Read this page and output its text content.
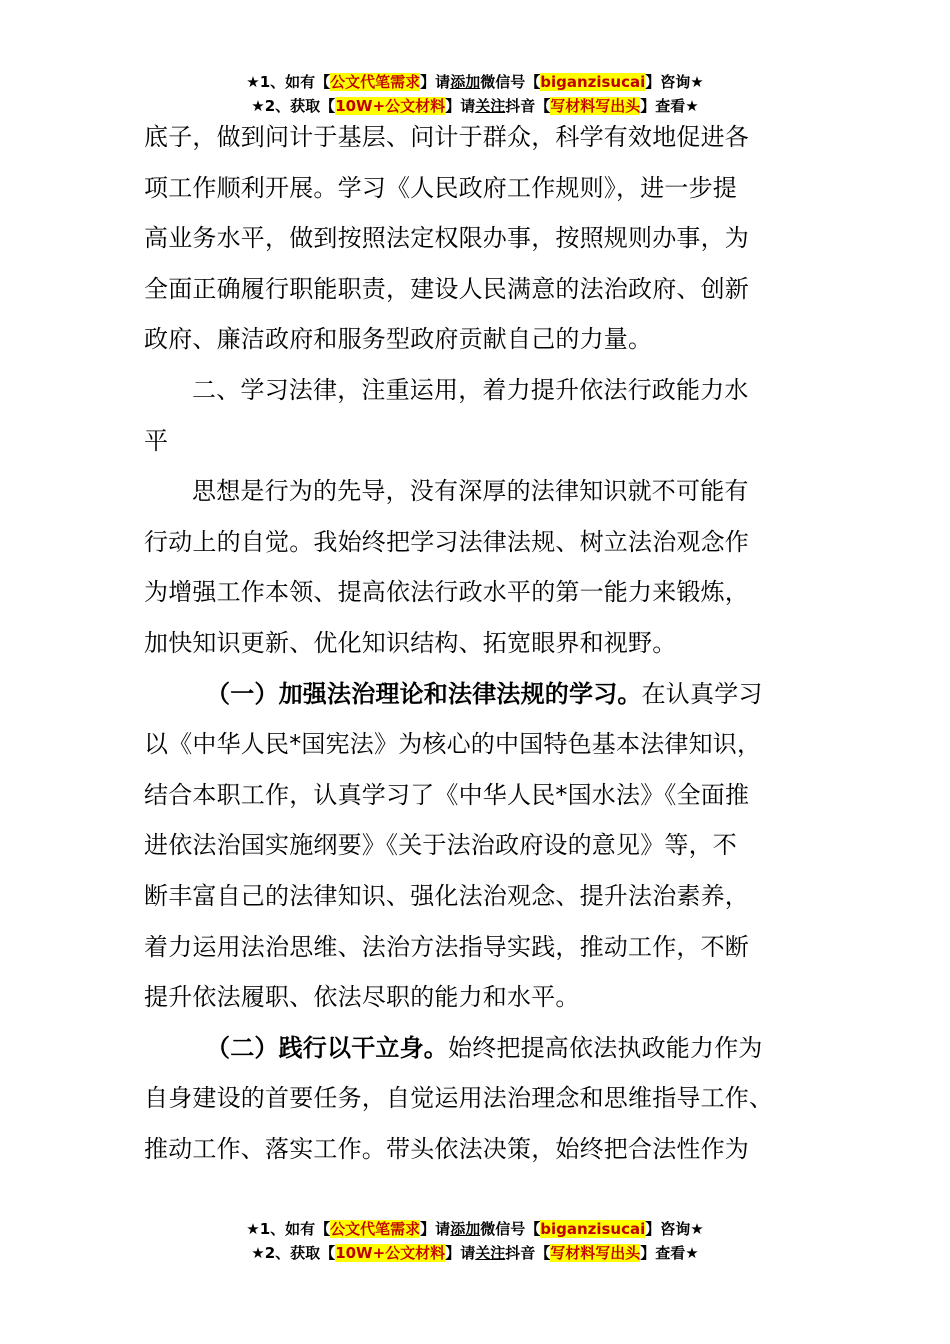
★1、如有【公文代笔需求】请添加微信号【biganzisucai】咨询★
★2、获取【10W+公文材料】请关注抖音【写材料写出头】查看★
底子，做到问计于基层、问计于群众，科学有效地促进各
项工作顺利开展。学习《人民政府工作规则》，进一步提
高业务水平，做到按照法定权限办事，按照规则办事，为
全面正确履行职能职责，建设人民满意的法治政府、创新
政府、廉洁政府和服务型政府贡献自己的力量。
二、学习法律，注重运用，着力提升依法行政能力水
平
思想是行为的先导，没有深厚的法律知识就不可能有
行动上的自觉。我始终把学习法律法规、树立法治观念作
为增强工作本领、提高依法行政水平的第一能力来锻炼，
加快知识更新、优化知识结构、拓宽眼界和视野。
（一）加强法治理论和法律法规的学习。在认真学习
以《中华人民*国宪法》为核心的中国特色基本法律知识，
结合本职工作，认真学习了《中华人民*国水法》《全面推
进依法治国实施纲要》《关于法治政府设的意见》等，不
断丰富自己的法律知识、强化法治观念、提升法治素养，
着力运用法治思维、法治方法指导实践，推动工作，不断
提升依法履职、依法尽职的能力和水平。
（二）践行以干立身。始终把提高依法执政能力作为
自身建设的首要任务，自觉运用法治理念和思维指导工作、
推动工作、落实工作。带头依法决策，始终把合法性作为
★1、如有【公文代笔需求】请添加微信号【biganzisucai】咨询★
★2、获取【10W+公文材料】请关注抖音【写材料写出头】查看★
